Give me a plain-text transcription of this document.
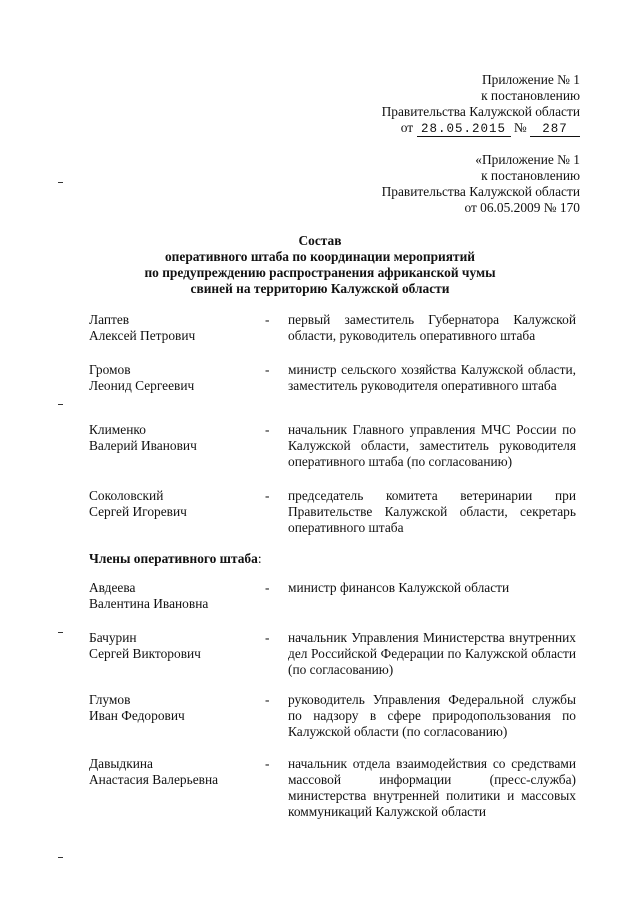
Приложение № 1
к постановлению
Правительства Калужской области
от 28.05.2015 № 287
«Приложение № 1
к постановлению
Правительства Калужской области
от 06.05.2009 № 170
Состав
оперативного штаба по координации мероприятий
по предупреждению распространения африканской чумы
свиней на территорию Калужской области
Лаптев
Алексей Петрович
- первый заместитель Губернатора Калужской области, руководитель оперативного штаба
Громов
Леонид Сергеевич
- министр сельского хозяйства Калужской области, заместитель руководителя оперативного штаба
Клименко
Валерий Иванович
- начальник Главного управления МЧС России по Калужской области, заместитель руководителя оперативного штаба (по согласованию)
Соколовский
Сергей Игоревич
- председатель комитета ветеринарии при Правительстве Калужской области, секретарь оперативного штаба
Члены оперативного штаба:
Авдеева
Валентина Ивановна
- министр финансов Калужской области
Бачурин
Сергей Викторович
- начальник Управления Министерства внутренних дел Российской Федерации по Калужской области (по согласованию)
Глумов
Иван Федорович
- руководитель Управления Федеральной службы по надзору в сфере природопользования по Калужской области (по согласованию)
Давыдкина
Анастасия Валерьевна
- начальник отдела взаимодействия со средствами массовой информации (пресс-служба) министерства внутренней политики и массовых коммуникаций Калужской области
